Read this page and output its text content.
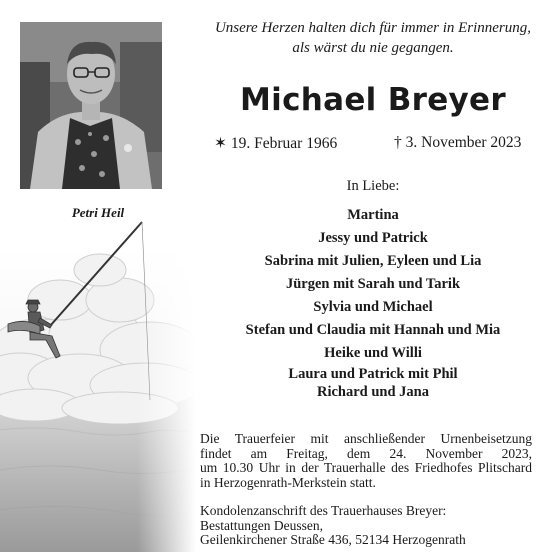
Petri Heil
Unsere Herzen halten dich für immer in Erinnerung,
als wärst du nie gegangen.
Michael Breyer
✶ 19. Februar 1966	† 3. November 2023
In Liebe:
Martina
Jessy und Patrick
Sabrina mit Julien, Eyleen und Lia
Jürgen mit Sarah und Tarik
Sylvia und Michael
Stefan und Claudia mit Hannah und Mia
Heike und Willi
Laura und Patrick mit Phil
Richard und Jana

Die Trauerfeier mit anschließender Urnenbeisetzung

findet am Freitag, dem 24. November 2023,

um 10.30 Uhr in der Trauerhalle des Friedhofes Plitschard

in Herzogenrath-Merkstein statt.

Kondolenzanschrift des Trauerhauses Breyer:

Bestattungen Deussen,

Geilenkirchener Straße 436, 52134 Herzogenrath
